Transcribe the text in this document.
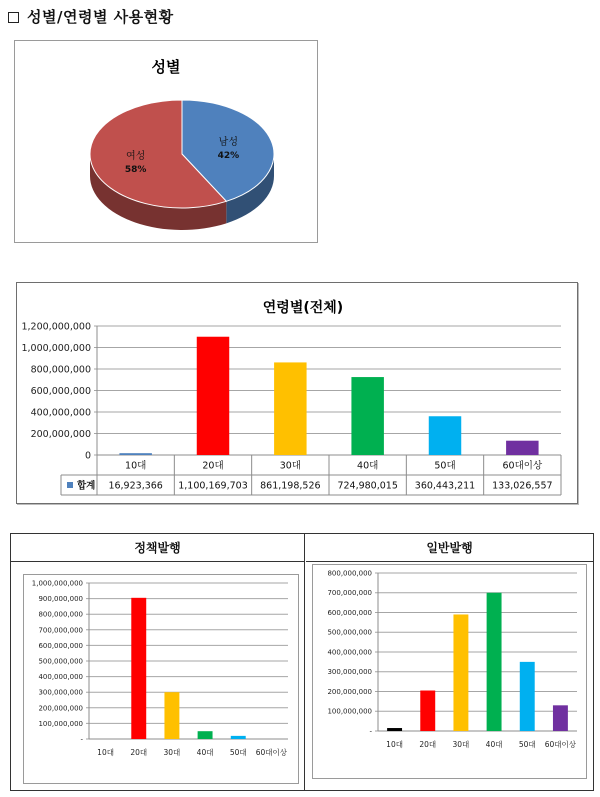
성별/연령별 사용현황
성별
남성
42%
여성
58%
연령별(전체)
0
200,000,000
400,000,000
600,000,000
800,000,000
1,000,000,000
1,200,000,000
10대
16,923,366
20대
1,100,169,703
30대
861,198,526
40대
724,980,015
50대
360,443,211
60대이상
133,026,557
합계
정책발행
-
100,000,000
200,000,000
300,000,000
400,000,000
500,000,000
600,000,000
700,000,000
800,000,000
900,000,000
1,000,000,000
10대 20대 30대 40대 50대 60대이상
일반발행
-
100,000,000
200,000,000
300,000,000
400,000,000
500,000,000
600,000,000
700,000,000
800,000,000
10대 20대 30대 40대 50대 60대이상
